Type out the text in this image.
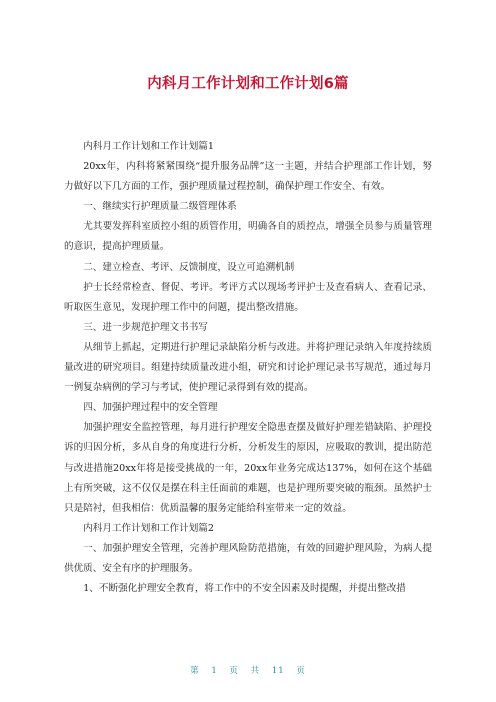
内科月工作计划和工作计划6篇

内科月工作计划和工作计划篇1

20xx年，内科将紧紧围绕“提升服务品牌”这一主题，并结合护理部工作计划，努力做好以下几方面的工作，强护理质量过程控制，确保护理工作安全、有效。

一、继续实行护理质量二级管理体系

尤其要发挥科室质控小组的质管作用，明确各自的质控点，增强全员参与质量管理的意识，提高护理质量。

二、建立检查、考评、反馈制度，设立可追溯机制

护士长经常检查、督促、考评。考评方式以现场考评护士及查看病人、查看记录、听取医生意见，发现护理工作中的问题，提出整改措施。

三、进一步规范护理文书书写

从细节上抓起，定期进行护理记录缺陷分析与改进。并将护理记录纳入年度持续质量改进的研究项目。组建持续质量改进小组，研究和讨论护理记录书写规范，通过每月一例复杂病例的学习与考试，使护理记录得到有效的提高。

四、加强护理过程中的安全管理

加强护理安全监控管理，每月进行护理安全隐患查摆及做好护理差错缺陷、护理投诉的归因分析，多从自身的角度进行分析，分析发生的原因，应吸取的教训，提出防范与改进措施20xx年将是接受挑战的一年，20xx年业务完成达137%，如何在这个基础上有所突破，这不仅仅是摆在科主任面前的难题，也是护理所要突破的瓶颈。虽然护士只是陪衬，但我相信：优质温馨的服务定能给科室带来一定的效益。

内科月工作计划和工作计划篇2

一、加强护理安全管理，完善护理风险防范措施，有效的回避护理风险，为病人提供优质、安全有序的护理服务。

1、不断强化护理安全教育，将工作中的不安全因素及时提醒，并提出整改措

第 1 页 共 11 页
